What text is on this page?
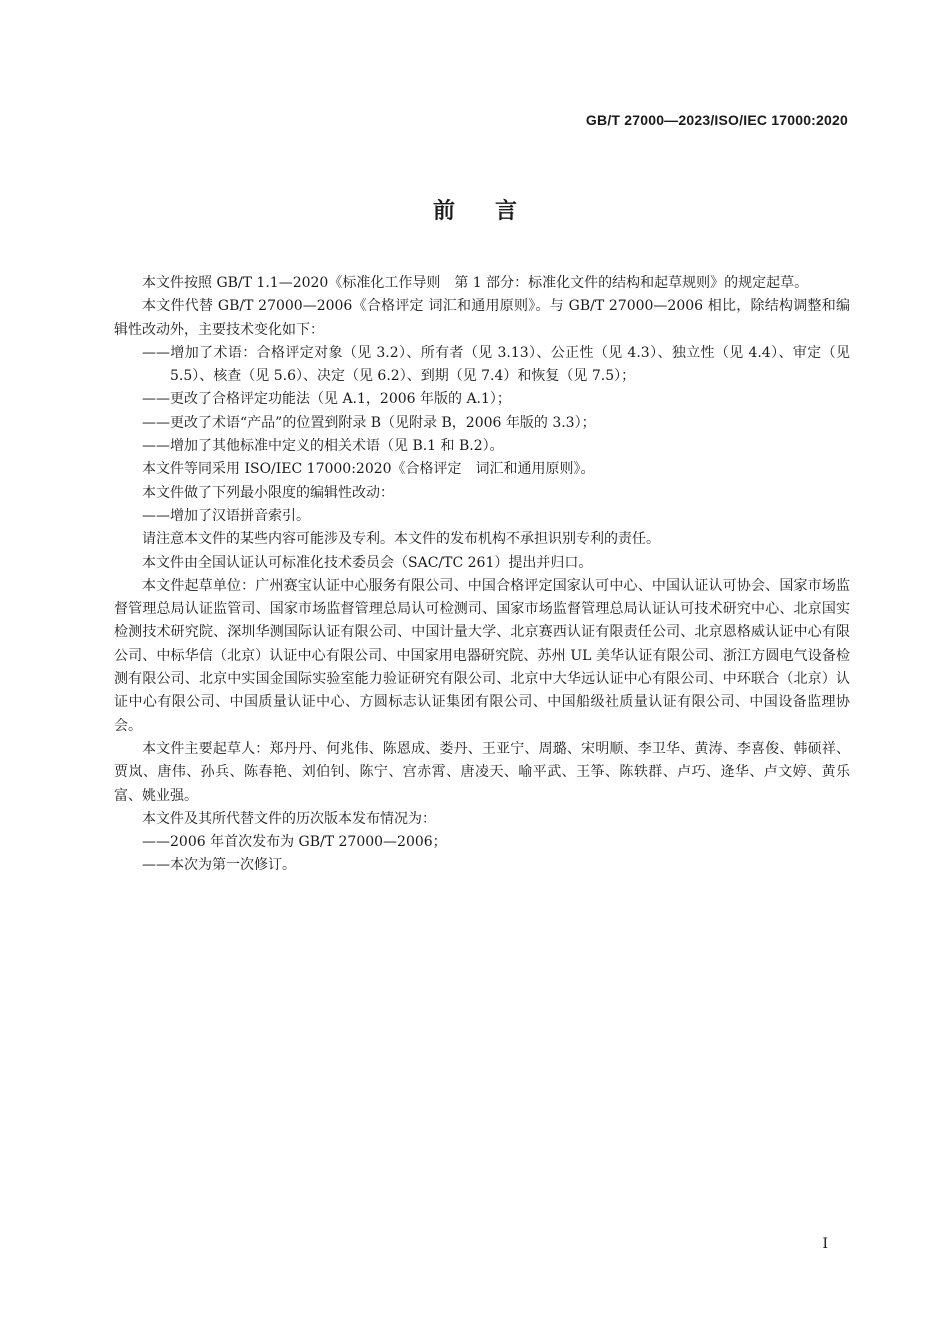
GB/T 27000—2023/ISO/IEC 17000:2020
前言

本文件按照 GB/T 1.1—2020《标准化工作导则　第 1 部分：标准化文件的结构和起草规则》的规定起草。

本文件代替 GB/T 27000—2006《合格评定 词汇和通用原则》。与 GB/T 27000—2006 相比，除结构调整和编辑性改动外，主要技术变化如下：

——增加了术语：合格评定对象（见 3.2）、所有者（见 3.13）、公正性（见 4.3）、独立性（见 4.4）、审定（见 5.5）、核查（见 5.6）、决定（见 6.2）、到期（见 7.4）和恢复（见 7.5）；

——更改了合格评定功能法（见 A.1，2006 年版的 A.1）；

——更改了术语“产品”的位置到附录 B（见附录 B，2006 年版的 3.3）；

——增加了其他标准中定义的相关术语（见 B.1 和 B.2）。

本文件等同采用 ISO/IEC 17000:2020《合格评定　词汇和通用原则》。

本文件做了下列最小限度的编辑性改动：

——增加了汉语拼音索引。

请注意本文件的某些内容可能涉及专利。本文件的发布机构不承担识别专利的责任。

本文件由全国认证认可标准化技术委员会（SAC/TC 261）提出并归口。

本文件起草单位：广州赛宝认证中心服务有限公司、中国合格评定国家认可中心、中国认证认可协会、国家市场监督管理总局认证监管司、国家市场监督管理总局认可检测司、国家市场监督管理总局认证认可技术研究中心、北京国实检测技术研究院、深圳华测国际认证有限公司、中国计量大学、北京赛西认证有限责任公司、北京恩格威认证中心有限公司、中标华信（北京）认证中心有限公司、中国家用电器研究院、苏州 UL 美华认证有限公司、浙江方圆电气设备检测有限公司、北京中实国金国际实验室能力验证研究有限公司、北京中大华远认证中心有限公司、中环联合（北京）认证中心有限公司、中国质量认证中心、方圆标志认证集团有限公司、中国船级社质量认证有限公司、中国设备监理协会。

本文件主要起草人：郑丹丹、何兆伟、陈恩成、娄丹、王亚宁、周璐、宋明顺、李卫华、黄涛、李喜俊、韩硕祥、贾岚、唐伟、孙兵、陈春艳、刘伯钊、陈宁、宫赤霄、唐凌天、喻平武、王筝、陈轶群、卢巧、逄华、卢文婷、黄乐富、姚业强。

本文件及其所代替文件的历次版本发布情况为：

——2006 年首次发布为 GB/T 27000—2006；

——本次为第一次修订。

I
